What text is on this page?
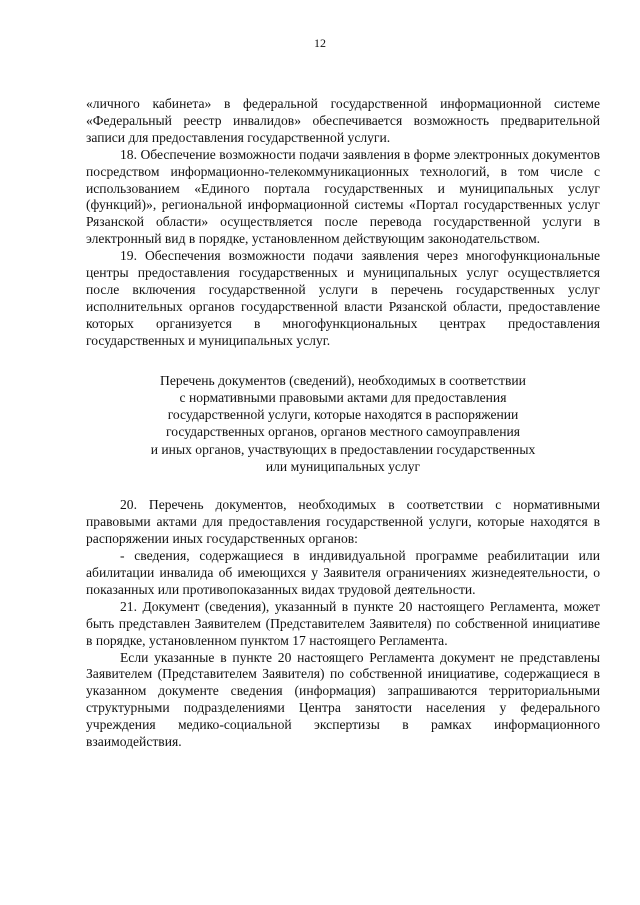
12

«личного кабинета» в федеральной государственной информационной системе «Федеральный реестр инвалидов» обеспечивается возможность предварительной записи для предоставления государственной услуги.

18. Обеспечение возможности подачи заявления в форме электронных документов посредством информационно-телекоммуникационных технологий, в том числе с использованием «Единого портала государственных и муниципальных услуг (функций)», региональной информационной системы «Портал государственных услуг Рязанской области» осуществляется после перевода государственной услуги в электронный вид в порядке, установленном действующим законодательством.

19. Обеспечения возможности подачи заявления через многофункциональные центры предоставления государственных и муниципальных услуг осуществляется после включения государственной услуги в перечень государственных услуг исполнительных органов государственной власти Рязанской области, предоставление которых организуется в многофункциональных центрах предоставления государственных и муниципальных услуг.

Перечень документов (сведений), необходимых в соответствии
с нормативными правовыми актами для предоставления
государственной услуги, которые находятся в распоряжении
государственных органов, органов местного самоуправления
и иных органов, участвующих в предоставлении государственных
или муниципальных услуг

20. Перечень документов, необходимых в соответствии с нормативными правовыми актами для предоставления государственной услуги, которые находятся в распоряжении иных государственных органов:

- сведения, содержащиеся в индивидуальной программе реабилитации или абилитации инвалида об имеющихся у Заявителя ограничениях жизнедеятельности, о показанных или противопоказанных видах трудовой деятельности.

21. Документ (сведения), указанный в пункте 20 настоящего Регламента, может быть представлен Заявителем (Представителем Заявителя) по собственной инициативе в порядке, установленном пунктом 17 настоящего Регламента.

Если указанные в пункте 20 настоящего Регламента документ не представлены Заявителем (Представителем Заявителя) по собственной инициативе, содержащиеся в указанном документе сведения (информация) запрашиваются территориальными структурными подразделениями Центра занятости населения у федерального учреждения медико-социальной экспертизы в рамках информационного взаимодействия.
